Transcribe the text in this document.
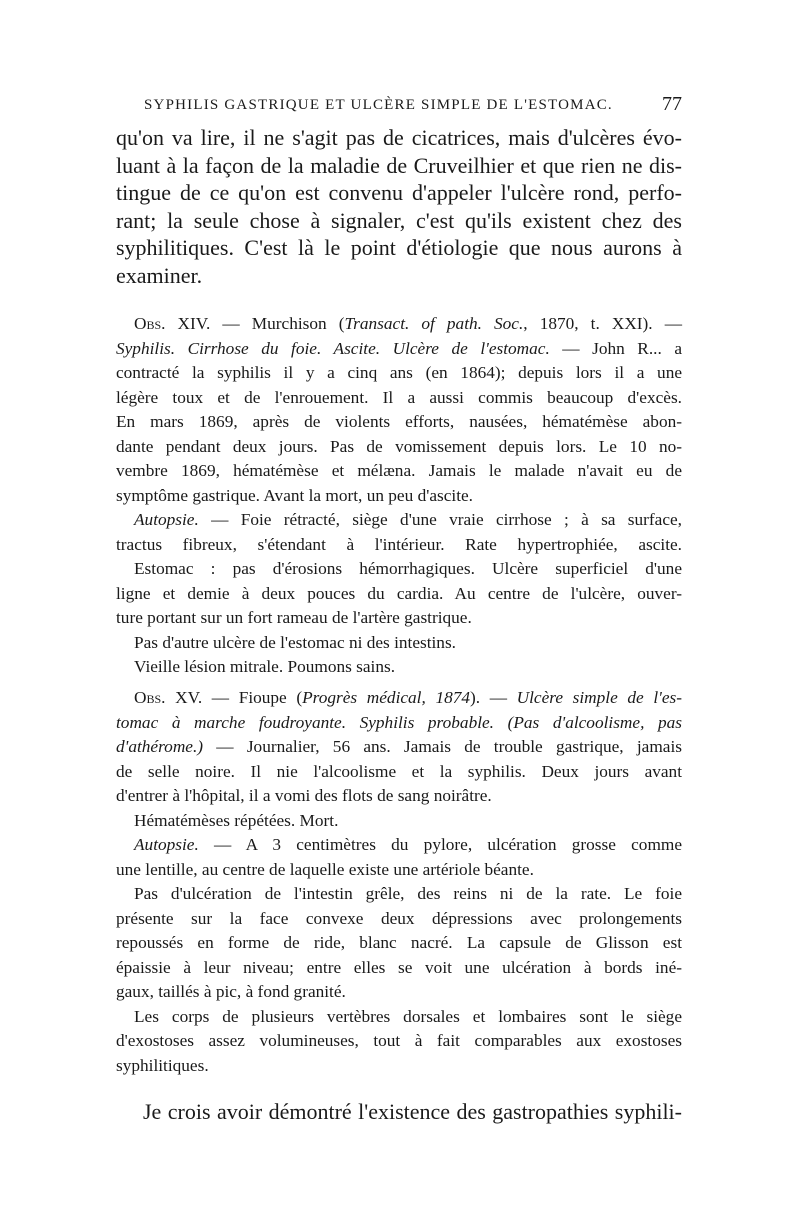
SYPHILIS GASTRIQUE ET ULCÈRE SIMPLE DE L'ESTOMAC. 77
qu'on va lire, il ne s'agit pas de cicatrices, mais d'ulcères évo-
luant à la façon de la maladie de Cruveilhier et que rien ne dis-
tingue de ce qu'on est convenu d'appeler l'ulcère rond, perfo-
rant; la seule chose à signaler, c'est qu'ils existent chez des
syphilitiques. C'est là le point d'étiologie que nous aurons à
examiner.
Obs. XIV. — Murchison (Transact. of path. Soc., 1870, t. XXI). —
Syphilis. Cirrhose du foie. Ascite. Ulcère de l'estomac. — John R... a
contracté la syphilis il y a cinq ans (en 1864); depuis lors il a une
légère toux et de l'enrouement. Il a aussi commis beaucoup d'excès.
En mars 1869, après de violents efforts, nausées, hématémèse abon-
dante pendant deux jours. Pas de vomissement depuis lors. Le 10 no-
vembre 1869, hématémèse et mélæna. Jamais le malade n'avait eu de
symptôme gastrique. Avant la mort, un peu d'ascite.
Autopsie. — Foie rétracté, siège d'une vraie cirrhose ; à sa surface,
tractus fibreux, s'étendant à l'intérieur. Rate hypertrophiée, ascite.
Estomac : pas d'érosions hémorrhagiques. Ulcère superficiel d'une
ligne et demie à deux pouces du cardia. Au centre de l'ulcère, ouver-
ture portant sur un fort rameau de l'artère gastrique.
Pas d'autre ulcère de l'estomac ni des intestins.
Vieille lésion mitrale. Poumons sains.
Obs. XV. — Fioupe (Progrès médical, 1874). — Ulcère simple de l'es-
tomac à marche foudroyante. Syphilis probable. (Pas d'alcoolisme, pas
d'athérome.) — Journalier, 56 ans. Jamais de trouble gastrique, jamais
de selle noire. Il nie l'alcoolisme et la syphilis. Deux jours avant
d'entrer à l'hôpital, il a vomi des flots de sang noirâtre.
Hématémèses répétées. Mort.
Autopsie. — A 3 centimètres du pylore, ulcération grosse comme
une lentille, au centre de laquelle existe une artériole béante.
Pas d'ulcération de l'intestin grêle, des reins ni de la rate. Le foie
présente sur la face convexe deux dépressions avec prolongements
repoussés en forme de ride, blanc nacré. La capsule de Glisson est
épaissie à leur niveau; entre elles se voit une ulcération à bords iné-
gaux, taillés à pic, à fond granité.
Les corps de plusieurs vertèbres dorsales et lombaires sont le siège
d'exostoses assez volumineuses, tout à fait comparables aux exostoses
syphilitiques.
Je crois avoir démontré l'existence des gastropathies syphili-
